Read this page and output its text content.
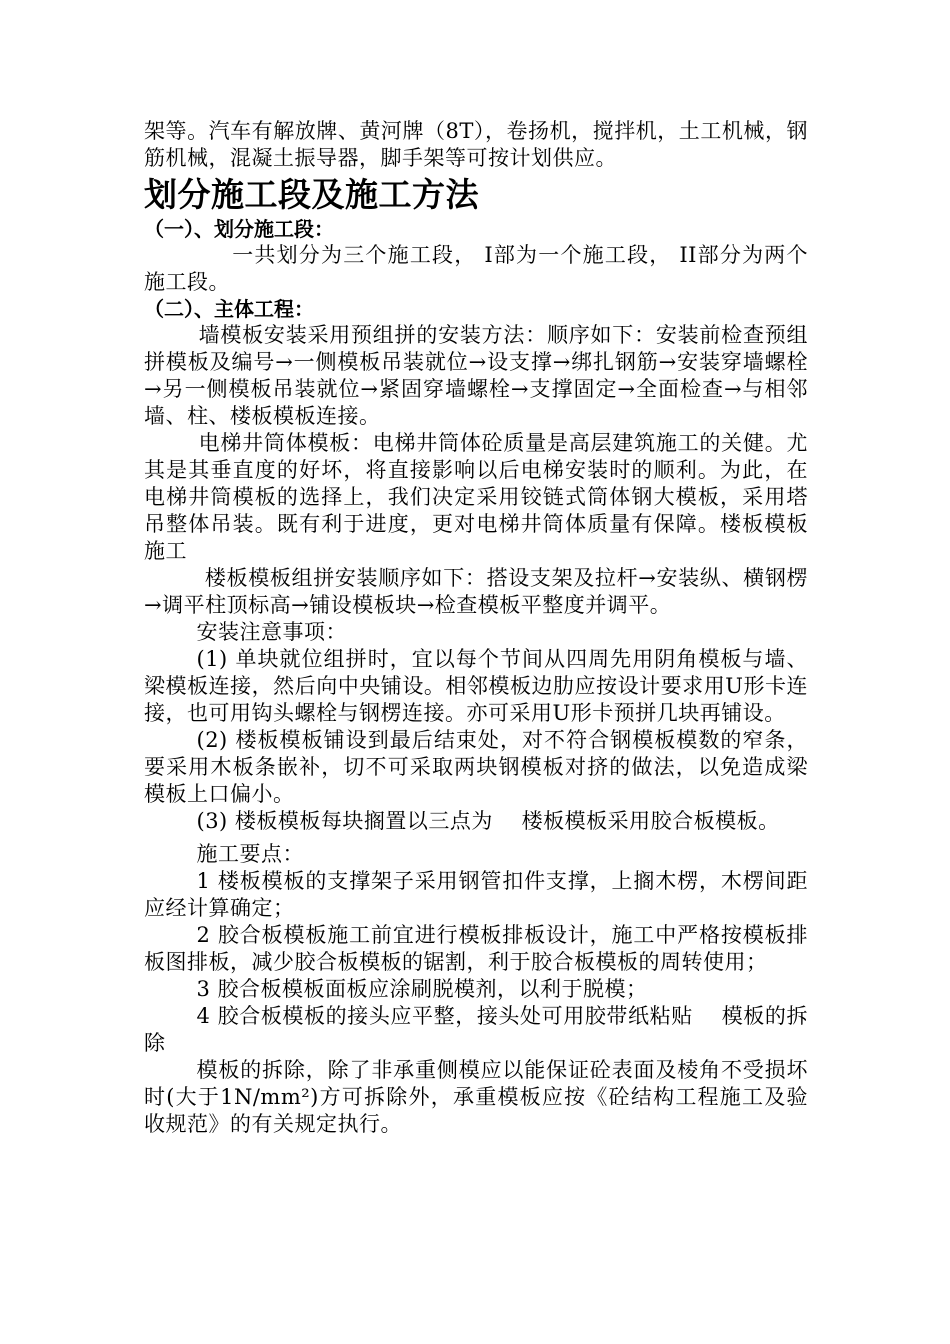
架等。汽车有解放牌、黄河牌（8T），卷扬机，搅拌机，土工机械，钢筋机械，混凝土振导器，脚手架等可按计划供应。

划分施工段及施工方法
（一）、划分施工段：

一共划分为三个施工段， I部为一个施工段， II部分为两个施工段。

（二）、主体工程：

墙模板安装采用预组拼的安装方法：顺序如下：安装前检查预组拼模板及编号→一侧模板吊装就位→设支撑→绑扎钢筋→安装穿墙螺栓→另一侧模板吊装就位→紧固穿墙螺栓→支撑固定→全面检查→与相邻墙、柱、楼板模板连接。

电梯井筒体模板：电梯井筒体砼质量是高层建筑施工的关健。尤其是其垂直度的好坏，将直接影响以后电梯安装时的顺利。为此，在电梯井筒模板的选择上，我们决定采用铰链式筒体钢大模板，采用塔吊整体吊装。既有利于进度，更对电梯井筒体质量有保障。楼板模板施工

楼板模板组拼安装顺序如下：搭设支架及拉杆→安装纵、横钢楞→调平柱顶标高→铺设模板块→检查模板平整度并调平。

安装注意事项：

(1) 单块就位组拼时，宜以每个节间从四周先用阴角模板与墙、梁模板连接，然后向中央铺设。相邻模板边肋应按设计要求用U形卡连接，也可用钩头螺栓与钢楞连接。亦可采用U形卡预拼几块再铺设。

(2) 楼板模板铺设到最后结束处，对不符合钢模板模数的窄条，要采用木板条嵌补，切不可采取两块钢模板对挤的做法，以免造成梁模板上口偏小。

(3) 楼板模板每块搁置以三点为　 楼板模板采用胶合板模板。

施工要点：

1 楼板模板的支撑架子采用钢管扣件支撑，上搁木楞，木楞间距应经计算确定；

2 胶合板模板施工前宜进行模板排板设计，施工中严格按模板排板图排板，减少胶合板模板的锯割，利于胶合板模板的周转使用；

3 胶合板模板面板应涂刷脱模剂，以利于脱模；

4 胶合板模板的接头应平整，接头处可用胶带纸粘贴　 模板的拆除

模板的拆除，除了非承重侧模应以能保证砼表面及棱角不受损坏时(大于1N/mm²)方可拆除外，承重模板应按《砼结构工程施工及验收规范》的有关规定执行。
